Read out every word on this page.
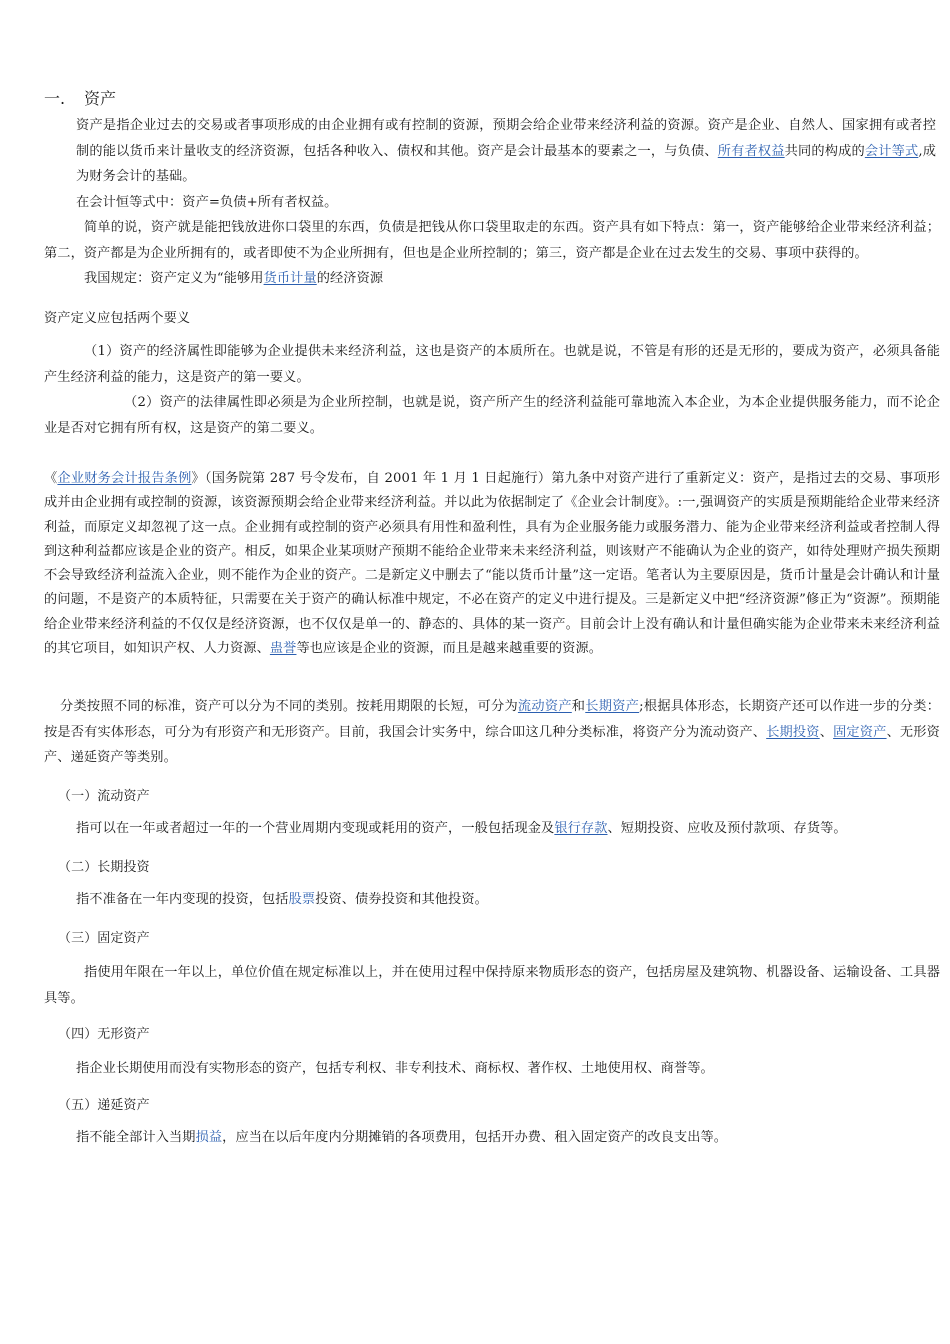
一. 资产

资产是指企业过去的交易或者事项形成的由企业拥有或有控制的资源，预期会给企业带来经济利益的资源。资产是企业、自然人、国家拥有或者控制的能以货币来计量收支的经济资源，包括各种收入、债权和其他。资产是会计最基本的要素之一，与负债、所有者权益共同的构成的会计等式,成为财务会计的基础。

在会计恒等式中：资产=负债+所有者权益。

简单的说，资产就是能把钱放进你口袋里的东西，负债是把钱从你口袋里取走的东西。资产具有如下特点：第一，资产能够给企业带来经济利益；第二，资产都是为企业所拥有的，或者即使不为企业所拥有，但也是企业所控制的；第三，资产都是企业在过去发生的交易、事项中获得的。

我国规定：资产定义为“能够用货币计量的经济资源

资产定义应包括两个要义

（1）资产的经济属性即能够为企业提供未来经济利益，这也是资产的本质所在。也就是说，不管是有形的还是无形的，要成为资产，必须具备能产生经济利益的能力，这是资产的第一要义。

（2）资产的法律属性即必须是为企业所控制，也就是说，资产所产生的经济利益能可靠地流入本企业，为本企业提供服务能力，而不论企业是否对它拥有所有权，这是资产的第二要义。

《企业财务会计报告条例》（国务院第 287 号令发布，自 2001 年 1 月 1 日起施行）第九条中对资产进行了重新定义：资产，是指过去的交易、事项形成并由企业拥有或控制的资源，该资源预期会给企业带来经济利益。并以此为依据制定了《企业会计制度》。:一,强调资产的实质是预期能给企业带来经济利益，而原定义却忽视了这一点。企业拥有或控制的资产必须具有用性和盈利性，具有为企业服务能力或服务潜力、能为企业带来经济利益或者控制人得到这种利益都应该是企业的资产。相反，如果企业某项财产预期不能给企业带来未来经济利益，则该财产不能确认为企业的资产，如待处理财产损失预期不会导致经济利益流入企业，则不能作为企业的资产。二是新定义中删去了“能以货币计量”这一定语。笔者认为主要原因是，货币计量是会计确认和计量的问题，不是资产的本质特征，只需要在关于资产的确认标准中规定，不必在资产的定义中进行提及。三是新定义中把“经济资源”修正为“资源”。预期能给企业带来经济利益的不仅仅是经济资源，也不仅仅是单一的、静态的、具体的某一资产。目前会计上没有确认和计量但确实能为企业带来未来经济利益的其它项目，如知识产权、人力资源、蛊誉等也应该是企业的资源，而且是越来越重要的资源。

分类按照不同的标准，资产可以分为不同的类别。按耗用期限的长短，可分为流动资产和长期资产;根据具体形态，长期资产还可以作进一步的分类：按是否有实体形态，可分为有形资产和无形资产。目前，我国会计实务中，综合吅这几种分类标准，将资产分为流动资产、长期投资、固定资产、无形资产、递延资产等类别。

（一）流动资产

指可以在一年或者超过一年的一个营业周期内变现或耗用的资产，一般包括现金及银行存款、短期投资、应收及预付款项、存货等。

（二）长期投资

指不准备在一年内变现的投资，包括股票投资、债券投资和其他投资。

（三）固定资产

指使用年限在一年以上，单位价值在规定标准以上，并在使用过程中保持原来物质形态的资产，包括房屋及建筑物、机器设备、运输设备、工具器具等。

（四）无形资产

指企业长期使用而没有实物形态的资产，包括专利权、非专利技术、商标权、著作权、土地使用权、商誉等。

（五）递延资产

指不能全部计入当期损益，应当在以后年度内分期摊销的各项费用，包括开办费、租入固定资产的改良支出等。
